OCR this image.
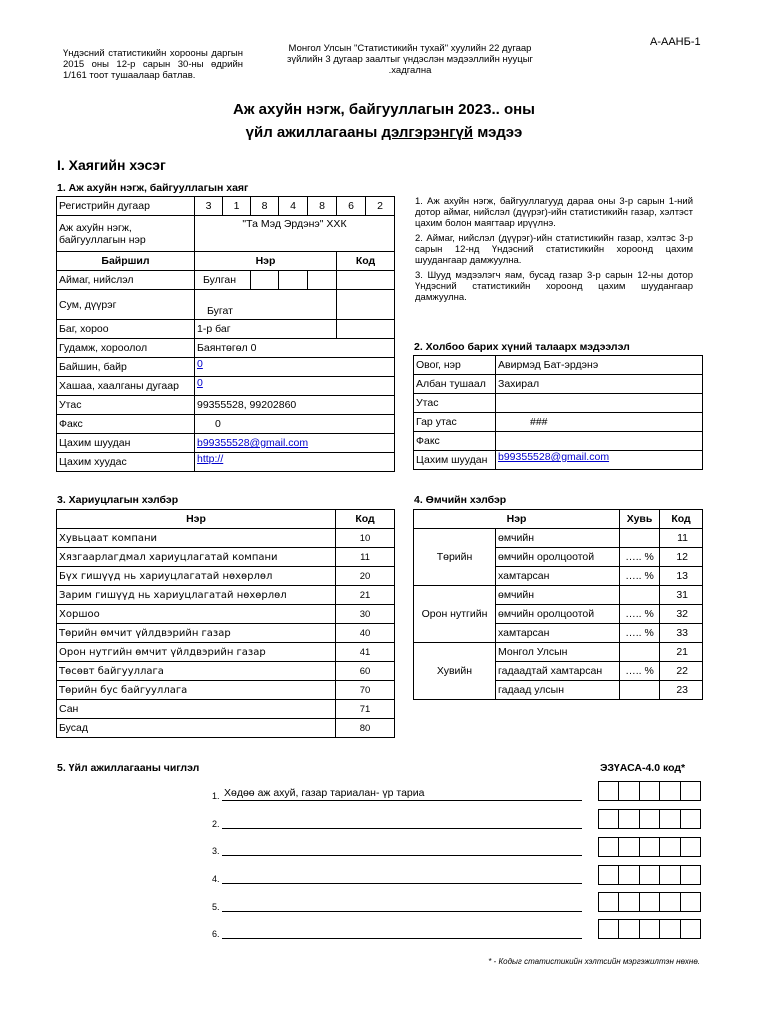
А-ААНБ-1
Үндэсний статистикийн хорооны даргын 2015 оны 12-р сарын 30-ны өдрийн 1/161 тоот тушаалаар батлав.
Монгол Улсын "Статистикийн тухай" хуулийн 22 дугаар зүйлийн 3 дугаар заалтыг үндэслэн мэдээллийн нууцыг .хадгална
Аж ахуйн нэгж, байгууллагын 2023.. оны
үйл ажиллагааны дэлгэрэнгүй мэдээ
I. Хаягийн хэсэг
1. Аж ахуйн нэгж, байгууллагын хаяг
Регистрийн дугаар	3	1	8	4	8	6	2
Аж ахуйн нэгж, байгууллагын нэр	"Та Мэд Эрдэнэ" ХХК						
Байршил	Нэр					Код	
Аймаг, нийслэл	Булган						
Сум, дүүрэг	Бугат						
Баг, хороо	1-р баг						
Гудамж, хороолол	Баянтөгөл 0						
Байшин, байр	0						
Хашаа, хаалганы дугаар	0						
Утас	99355528, 99202860						
Факс	0						
Цахим шуудан	b99355528@gmail.com						
Цахим хуудас	http://						

1. Аж ахуйн нэгж, байгууллагууд дараа оны 3-р сарын 1-ний дотор аймаг, нийслэл (дүүрэг)-ийн статистикийн газар, хэлтэст цахим болон маягтаар ирүүлнэ.

2. Аймаг, нийслэл (дүүрэг)-ийн статистикийн газар, хэлтэс 3-р сарын 12-нд Үндэсний статистикийн хороонд цахим шуудангаар дамжуулна.

3. Шууд мэдээлэгч яам, бусад газар 3-р сарын 12-ны дотор Үндэсний статистикийн хороонд цахим шуудангаар дамжуулна.

2. Холбоо барих хүний талаарх мэдээлэл
Овог, нэр	Авирмэд Бат-эрдэнэ
Албан тушаал	Захирал
Утас	
Гар утас	###
Факс	
Цахим шуудан	b99355528@gmail.com
3. Хариуцлагын хэлбэр
Нэр	Код
Хувьцаат компани	10
Хязгаарлагдмал хариуцлагатай компани	11
Бүх гишүүд нь хариуцлагатай нөхөрлөл	20
Зарим гишүүд нь хариуцлагатай нөхөрлөл	21
Хоршоо	30
Төрийн өмчит үйлдвэрийн газар	40
Орон нутгийн өмчит үйлдвэрийн газар	41
Төсөвт байгууллага	60
Төрийн бус байгууллага	70
Сан	71
Бусад	80
4. Өмчийн хэлбэр
Нэр		Хувь	Код
Төрийн	өмчийн		11
	өмчийн оролцоотой	….. %	12
	хамтарсан	….. %	13
Орон нутгийн	өмчийн		31
	өмчийн оролцоотой	….. %	32
	хамтарсан	….. %	33
Хувийн	Монгол Улсын		21
	гадаадтай хамтарсан	….. %	22
	гадаад улсын		23
5. Үйл ажиллагааны чиглэл	ЭЗҮАСА-4.0 код*
1. Хөдөө аж ахуй, газар тариалан- үр тариа
2.
3.
4.
5.
6.
* - Кодыг статистикийн хэлтсийн мэргэжилтэн нөхнө.
